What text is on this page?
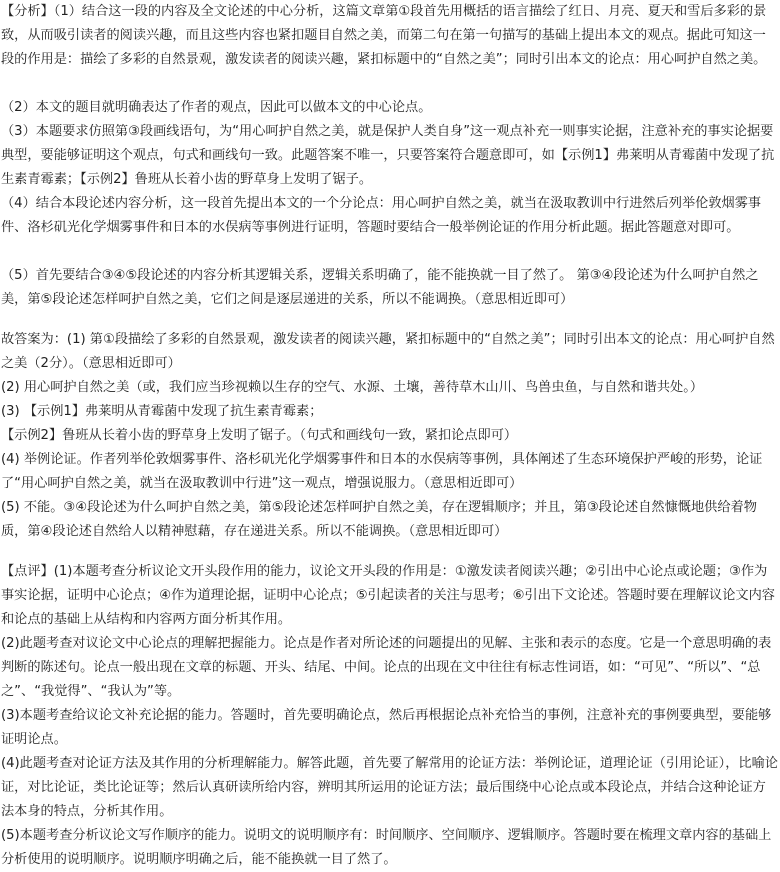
【分析】（1）结合这一段的内容及全文论述的中心分析，这篇文章第①段首先用概括的语言描绘了红日、月亮、夏天和雪后多彩的景致，从而吸引读者的阅读兴趣，而且这些内容也紧扣题目自然之美，而第二句在第一句描写的基础上提出本文的观点。据此可知这一段的作用是：描绘了多彩的自然景观，激发读者的阅读兴趣，紧扣标题中的“自然之美”；同时引出本文的论点：用心呵护自然之美。

（2）本文的题目就明确表达了作者的观点，因此可以做本文的中心论点。

（3）本题要求仿照第③段画线语句，为“用心呵护自然之美，就是保护人类自身”这一观点补充一则事实论据，注意补充的事实论据要典型，要能够证明这个观点，句式和画线句一致。此题答案不唯一，只要答案符合题意即可，如【示例1】弗莱明从青霉菌中发现了抗生素青霉素；【示例2】鲁班从长着小齿的野草身上发明了锯子。

（4）结合本段论述内容分析，这一段首先提出本文的一个分论点：用心呵护自然之美，就当在汲取教训中行进然后列举伦敦烟雾事件、洛杉矶光化学烟雾事件和日本的水俣病等事例进行证明，答题时要结合一般举例论证的作用分析此题。据此答题意对即可。

（5）首先要结合③④⑤段论述的内容分析其逻辑关系，逻辑关系明确了，能不能换就一目了然了。 第③④段论述为什么呵护自然之美，第⑤段论述怎样呵护自然之美，它们之间是逐层递进的关系，所以不能调换。（意思相近即可）

故答案为：(1) 第①段描绘了多彩的自然景观，激发读者的阅读兴趣，紧扣标题中的“自然之美”；同时引出本文的论点：用心呵护自然之美（2分）。（意思相近即可）

(2) 用心呵护自然之美（或，我们应当珍视赖以生存的空气、水源、土壤，善待草木山川、鸟兽虫鱼，与自然和谐共处。）

(3) 【示例1】弗莱明从青霉菌中发现了抗生素青霉素；

【示例2】鲁班从长着小齿的野草身上发明了锯子。（句式和画线句一致，紧扣论点即可）

(4) 举例论证。作者列举伦敦烟雾事件、洛杉矶光化学烟雾事件和日本的水俣病等事例，具体阐述了生态环境保护严峻的形势，论证了“用心呵护自然之美，就当在汲取教训中行进”这一观点，增强说服力。（意思相近即可）

(5) 不能。③④段论述为什么呵护自然之美，第⑤段论述怎样呵护自然之美，存在逻辑顺序；并且，第③段论述自然慷慨地供给着物质，第④段论述自然给人以精神慰藉，存在递进关系。所以不能调换。（意思相近即可）

【点评】(1)本题考查分析议论文开头段作用的能力，议论文开头段的作用是：①激发读者阅读兴趣；②引出中心论点或论题；③作为事实论据，证明中心论点；④作为道理论据，证明中心论点；⑤引起读者的关注与思考；⑥引出下文论述。答题时要在理解议论文内容和论点的基础上从结构和内容两方面分析其作用。

(2)此题考查对议论文中心论点的理解把握能力。论点是作者对所论述的问题提出的见解、主张和表示的态度。它是一个意思明确的表判断的陈述句。论点一般出现在文章的标题、开头、结尾、中间。论点的出现在文中往往有标志性词语，如：“可见”、“所以”、“总之”、“我觉得”、“我认为”等。

(3)本题考查给议论文补充论据的能力。答题时，首先要明确论点，然后再根据论点补充恰当的事例，注意补充的事例要典型，要能够证明论点。

(4)此题考查对论证方法及其作用的分析理解能力。解答此题，首先要了解常用的论证方法：举例论证，道理论证（引用论证），比喻论证，对比论证，类比论证等；然后认真研读所给内容，辨明其所运用的论证方法；最后围绕中心论点或本段论点，并结合这种论证方法本身的特点，分析其作用。

(5)本题考查分析议论文写作顺序的能力。说明文的说明顺序有：时间顺序、空间顺序、逻辑顺序。答题时要在梳理文章内容的基础上分析使用的说明顺序。说明顺序明确之后，能不能换就一目了然了。
